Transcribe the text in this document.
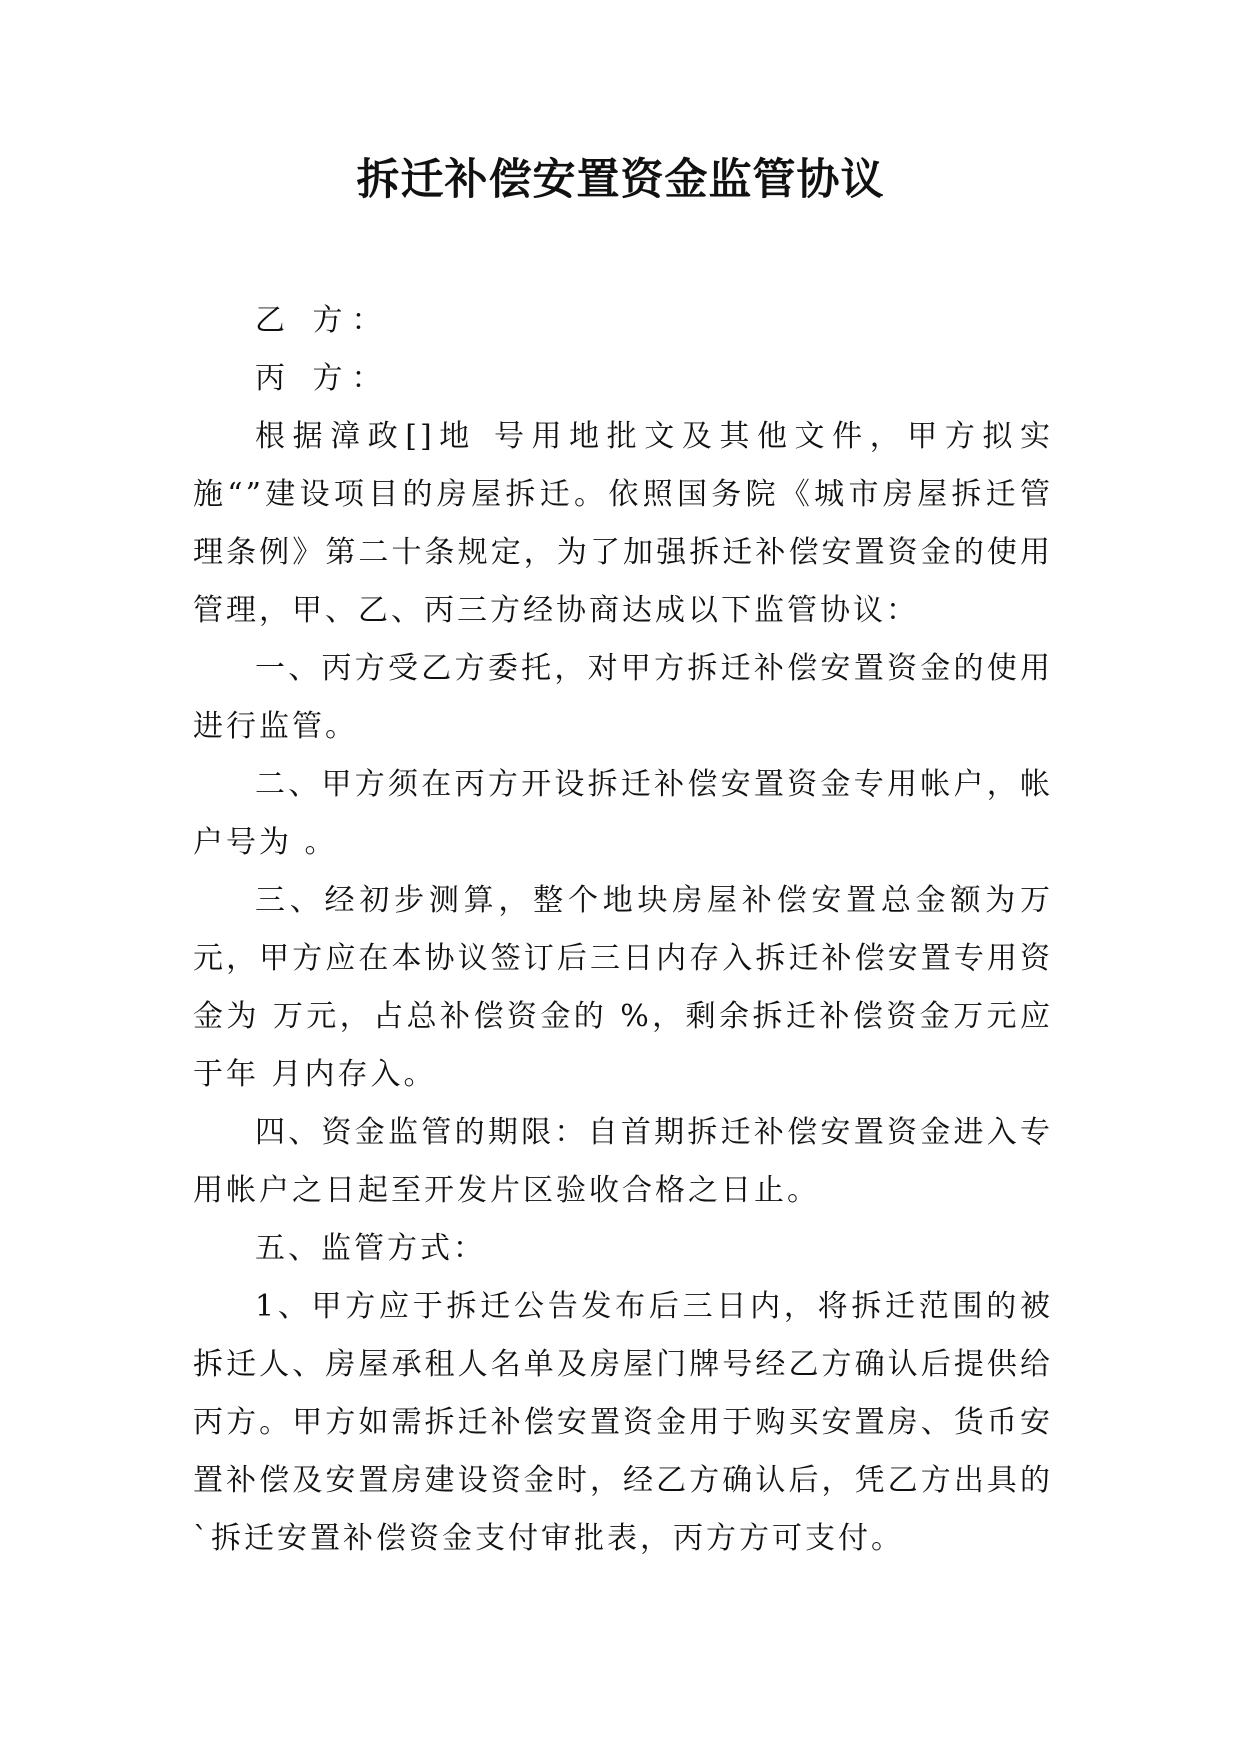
拆迁补偿安置资金监管协议

乙 方：

丙 方：

根据漳政[]地 号用地批文及其他文件，甲方拟实施“”建设项目的房屋拆迁。依照国务院《城市房屋拆迁管理条例》第二十条规定，为了加强拆迁补偿安置资金的使用管理，甲、乙、丙三方经协商达成以下监管协议：

一、丙方受乙方委托，对甲方拆迁补偿安置资金的使用进行监管。

二、甲方须在丙方开设拆迁补偿安置资金专用帐户，帐户号为 。

三、经初步测算，整个地块房屋补偿安置总金额为万元，甲方应在本协议签订后三日内存入拆迁补偿安置专用资金为 万元，占总补偿资金的 %，剩余拆迁补偿资金万元应于年 月内存入。

四、资金监管的期限：自首期拆迁补偿安置资金进入专用帐户之日起至开发片区验收合格之日止。

五、监管方式：

1、甲方应于拆迁公告发布后三日内，将拆迁范围的被拆迁人、房屋承租人名单及房屋门牌号经乙方确认后提供给丙方。甲方如需拆迁补偿安置资金用于购买安置房、货币安置补偿及安置房建设资金时，经乙方确认后，凭乙方出具的`拆迁安置补偿资金支付审批表，丙方方可支付。
